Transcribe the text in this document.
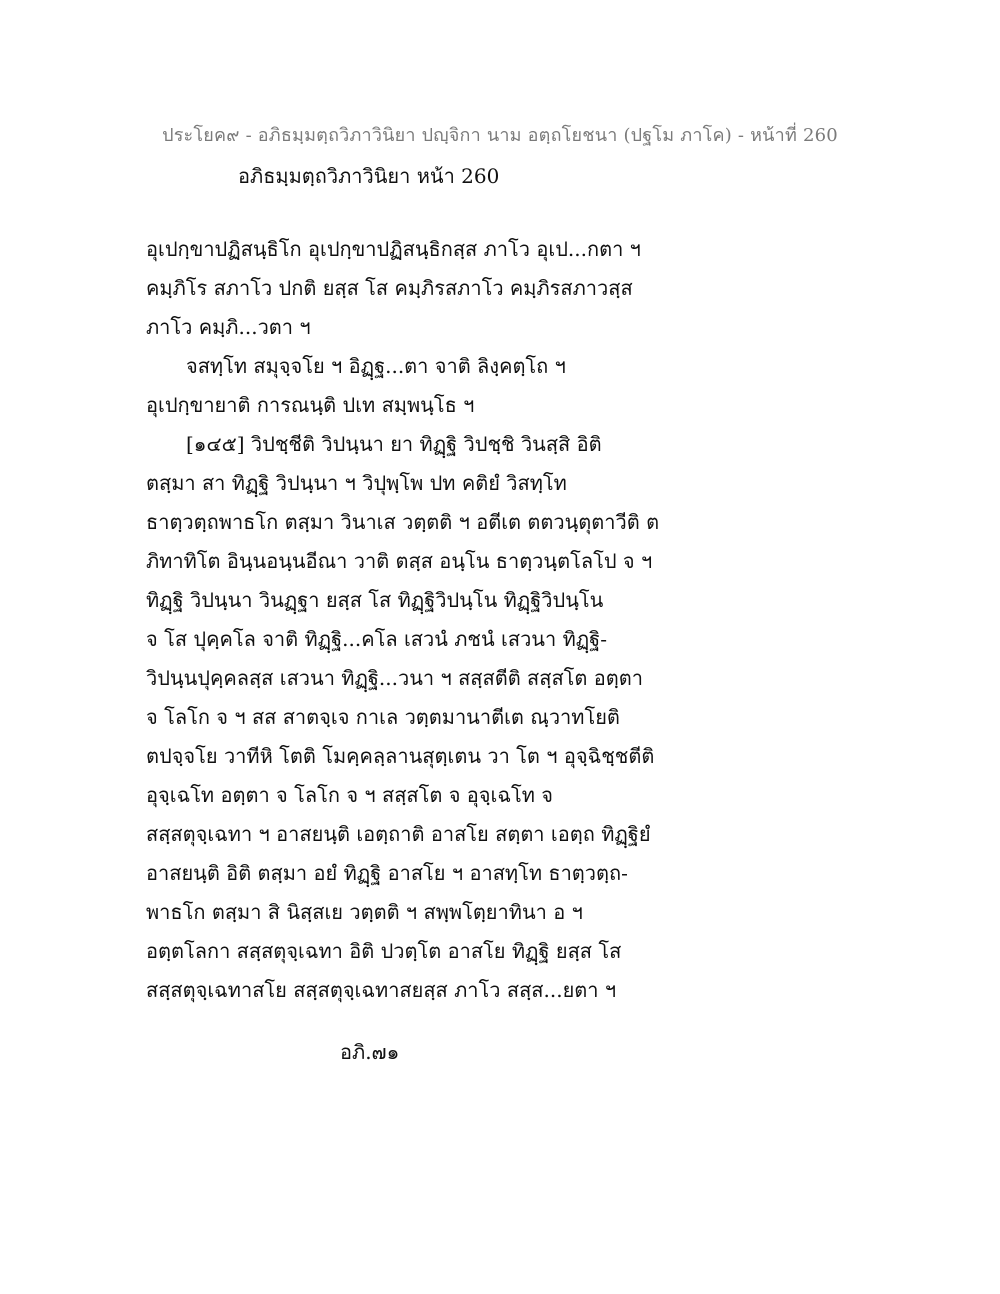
ประโยค๙ - อภิธมฺมตฺถวิภาวินิยา ปญฺจิกา นาม อตฺถโยชนา (ปฐโม ภาโค) - หน้าที่ 260
อภิธมฺมตฺถวิภาวินิยา หน้า 260
อุเปกฺขาปฏิสนฺธิโก อุเปกฺขาปฏิสนฺธิกสฺส ภาโว อุเป...กตา ฯ
คมฺภิโร สภาโว ปกติ ยสฺส โส คมฺภิรสภาโว คมฺภิรสภาวสฺส
ภาโว คมฺภิ...วตา ฯ
จสทฺโท สมุจฺจโย ฯ อิฏฺฐ...ตา จาติ ลิงฺคตฺโถ ฯ
อุเปกฺขายาติ การณนฺติ ปเท สมฺพนฺโธ ฯ
[๑๔๕] วิปชฺชีติ วิปนฺนา ยา ทิฏฺฐิ วิปชฺชิ วินสฺสิ อิติ
ตสฺมา สา ทิฏฺฐิ วิปนฺนา ฯ วิปุพฺโพ ปท คติยํ วิสทฺโท
ธาตฺวตฺถพาธโก ตสฺมา วินาเส วตฺตติ ฯ อตีเต ตตวนฺตุตาวีติ ต
ภิทาทิโต อินฺนอนฺนอีณา วาติ ตสฺส อนฺโน ธาตฺวนฺตโลโป จ ฯ
ทิฏฺฐิ วิปนฺนา วินฏฺฐา ยสฺส โส ทิฏฺฐิวิปนฺโน ทิฏฺฐิวิปนฺโน
จ โส ปุคฺคโล จาติ ทิฏฺฐิ...คโล เสวนํ ภชนํ เสวนา ทิฏฺฐิ-
วิปนฺนปุคฺคลสฺส เสวนา ทิฏฺฐิ...วนา ฯ สสฺสตีติ สสฺสโต อตฺตา
จ โลโก จ ฯ สส สาตจฺเจ กาเล วตฺตมานาตีเต ณฺวาทโยติ
ตปจฺจโย วาทีหิ โตติ โมคฺคลฺลานสุตฺเตน วา โต ฯ อุจฺฉิชฺชตีติ
อุจฺเฉโท อตฺตา จ โลโก จ ฯ สสฺสโต จ อุจฺเฉโท จ
สสฺสตุจฺเฉทา ฯ อาสยนฺติ เอตฺถาติ อาสโย สตฺตา เอตฺถ ทิฏฺฐิยํ
อาสยนฺติ อิติ ตสฺมา อยํ ทิฏฺฐิ อาสโย ฯ อาสทฺโท ธาตฺวตฺถ-
พาธโก ตสฺมา สิ นิสฺสเย วตฺตติ ฯ สพฺพโตฺยาทินา อ ฯ
อตฺตโลกา สสฺสตุจฺเฉทา อิติ ปวตฺโต อาสโย ทิฏฺฐิ ยสฺส โส
สสฺสตุจฺเฉทาสโย สสฺสตุจฺเฉทาสยสฺส ภาโว สสฺส...ยตา ฯ
อภิ.๗๑
